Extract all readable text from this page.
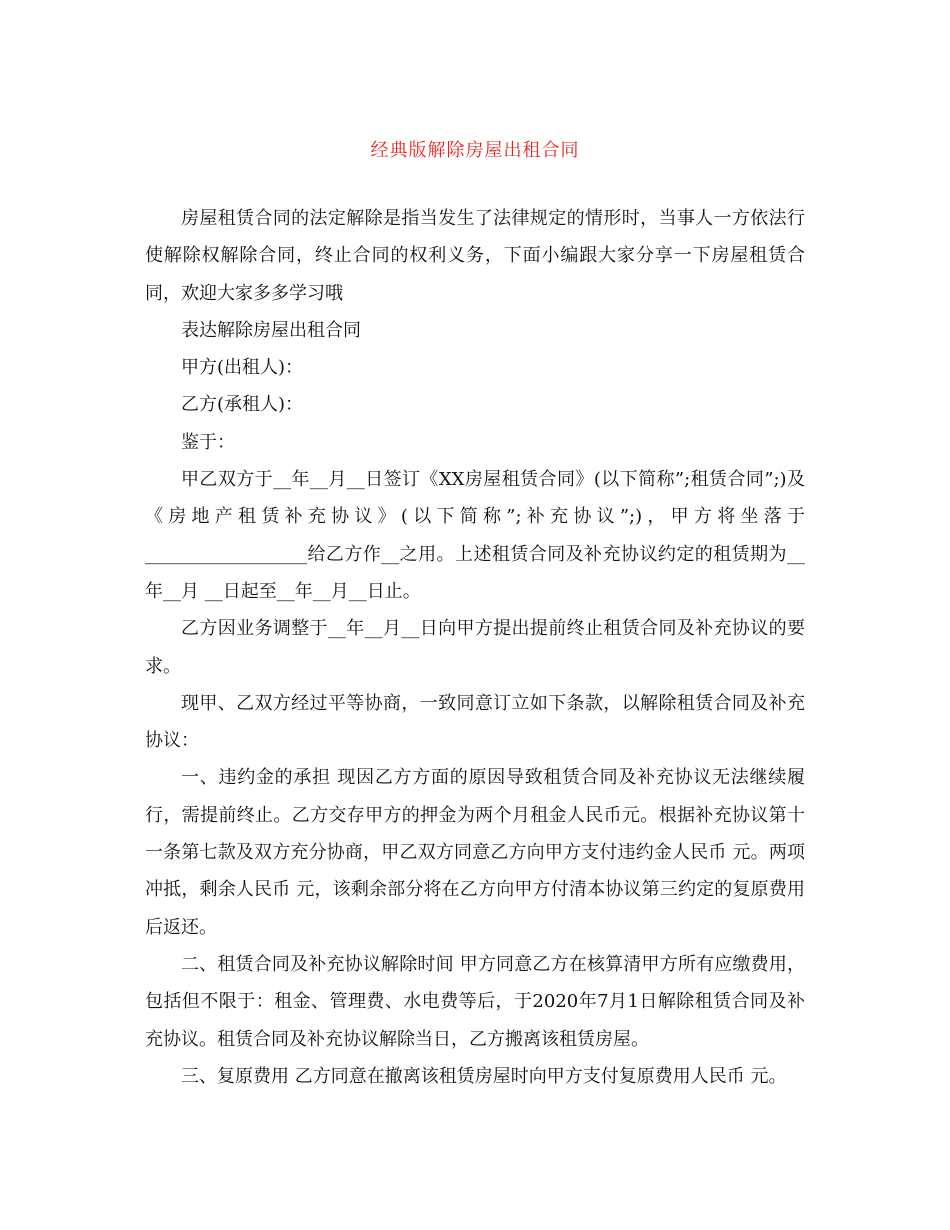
经典版解除房屋出租合同

房屋租赁合同的法定解除是指当发生了法律规定的情形时，当事人一方依法行使解除权解除合同，终止合同的权利义务，下面小编跟大家分享一下房屋租赁合同，欢迎大家多多学习哦

表达解除房屋出租合同

甲方(出租人)：

乙方(承租人)：

鉴于：

甲乙双方于__年__月__日签订《XX房屋租赁合同》(以下简称”;租赁合同”;)及《房地产租赁补充协议》(以下简称”;补充协议”;)，甲方将坐落于__________________给乙方作__之用。上述租赁合同及补充协议约定的租赁期为__年__月 __日起至__年__月__日止。

乙方因业务调整于__年__月__日向甲方提出提前终止租赁合同及补充协议的要求。

现甲、乙双方经过平等协商，一致同意订立如下条款，以解除租赁合同及补充协议：

一、违约金的承担 现因乙方方面的原因导致租赁合同及补充协议无法继续履行，需提前终止。乙方交存甲方的押金为两个月租金人民币元。根据补充协议第十一条第七款及双方充分协商，甲乙双方同意乙方向甲方支付违约金人民币 元。两项冲抵，剩余人民币 元，该剩余部分将在乙方向甲方付清本协议第三约定的复原费用后返还。

二、租赁合同及补充协议解除时间 甲方同意乙方在核算清甲方所有应缴费用，包括但不限于：租金、管理费、水电费等后，于2020年7月1日解除租赁合同及补充协议。租赁合同及补充协议解除当日，乙方搬离该租赁房屋。

三、复原费用 乙方同意在撤离该租赁房屋时向甲方支付复原费用人民币 元。
